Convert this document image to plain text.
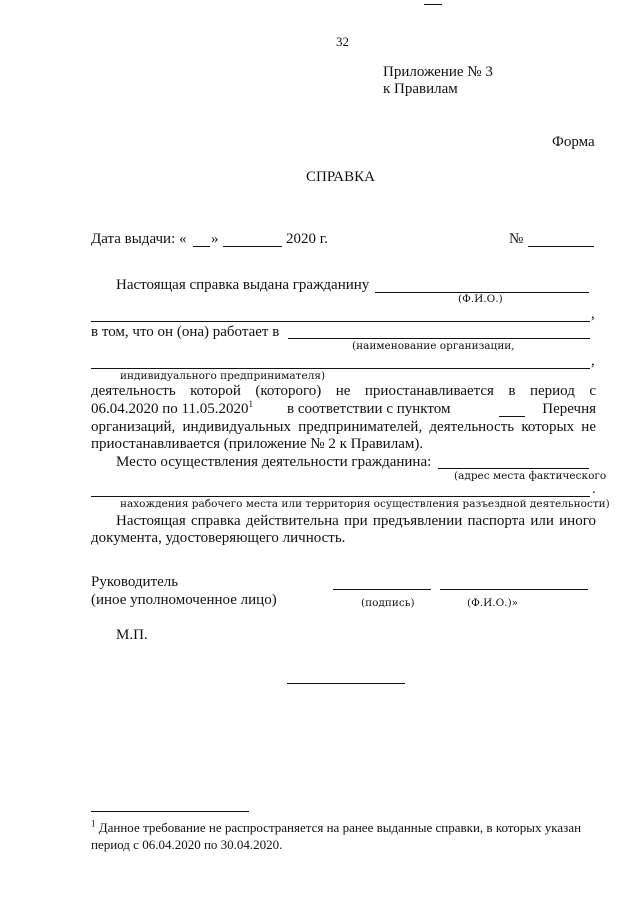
32
Приложение № 3
к Правилам
Форма
СПРАВКА
Дата выдачи: « »	2020 г.	№
Настоящая справка выдана гражданину
(Ф.И.О.)
,
в том, что он (она) работает в
(наименование организации,
,
индивидуального предпринимателя)
деятельность которой (которого) не приостанавливается в период с
06.04.2020 по 11.05.2020$^1$ в соответствии с пунктом	Перечня
организаций, индивидуальных предпринимателей, деятельность которых не
приостанавливается (приложение № 2 к Правилам).
Место осуществления деятельности гражданина:
(адрес места фактического
.
нахождения рабочего места или территория осуществления разъездной деятельности)
Настоящая справка действительна при предъявлении паспорта или иного
документа, удостоверяющего личность.
Руководитель
(иное уполномоченное лицо)	(подпись)	(Ф.И.О.)»
М.П.
$^1$ Данное требование не распространяется на ранее выданные справки, в которых указан
период с 06.04.2020 по 30.04.2020.
